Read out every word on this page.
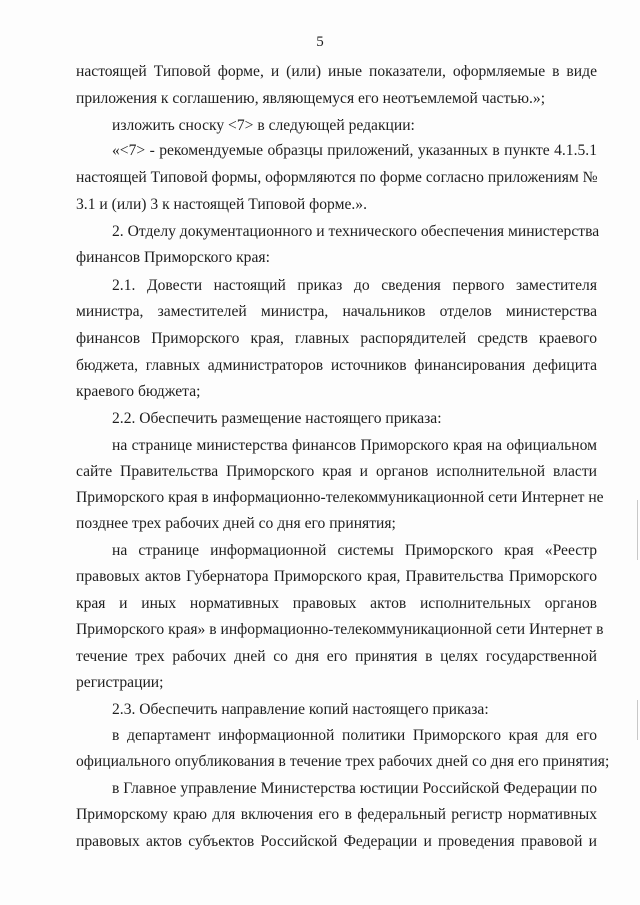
5
настоящей Типовой форме, и (или) иные показатели, оформляемые в виде
приложения к соглашению, являющемуся его неотъемлемой частью.»;
изложить сноску <7> в следующей редакции:
«<7> - рекомендуемые образцы приложений, указанных в пункте 4.1.5.1
настоящей Типовой формы, оформляются по форме согласно приложениям №
3.1 и (или) 3 к настоящей Типовой форме.».
2. Отделу документационного и технического обеспечения министерства
финансов Приморского края:
2.1. Довести настоящий приказ до сведения первого заместителя
министра, заместителей министра, начальников отделов министерства
финансов Приморского края, главных распорядителей средств краевого
бюджета, главных администраторов источников финансирования дефицита
краевого бюджета;
2.2. Обеспечить размещение настоящего приказа:
на странице министерства финансов Приморского края на официальном
сайте Правительства Приморского края и органов исполнительной власти
Приморского края в информационно-телекоммуникационной сети Интернет не
позднее трех рабочих дней со дня его принятия;
на странице информационной системы Приморского края «Реестр
правовых актов Губернатора Приморского края, Правительства Приморского
края и иных нормативных правовых актов исполнительных органов
Приморского края» в информационно-телекоммуникационной сети Интернет в
течение трех рабочих дней со дня его принятия в целях государственной
регистрации;
2.3. Обеспечить направление копий настоящего приказа:
в департамент информационной политики Приморского края для его
официального опубликования в течение трех рабочих дней со дня его принятия;
в Главное управление Министерства юстиции Российской Федерации по
Приморскому краю для включения его в федеральный регистр нормативных
правовых актов субъектов Российской Федерации и проведения правовой и
